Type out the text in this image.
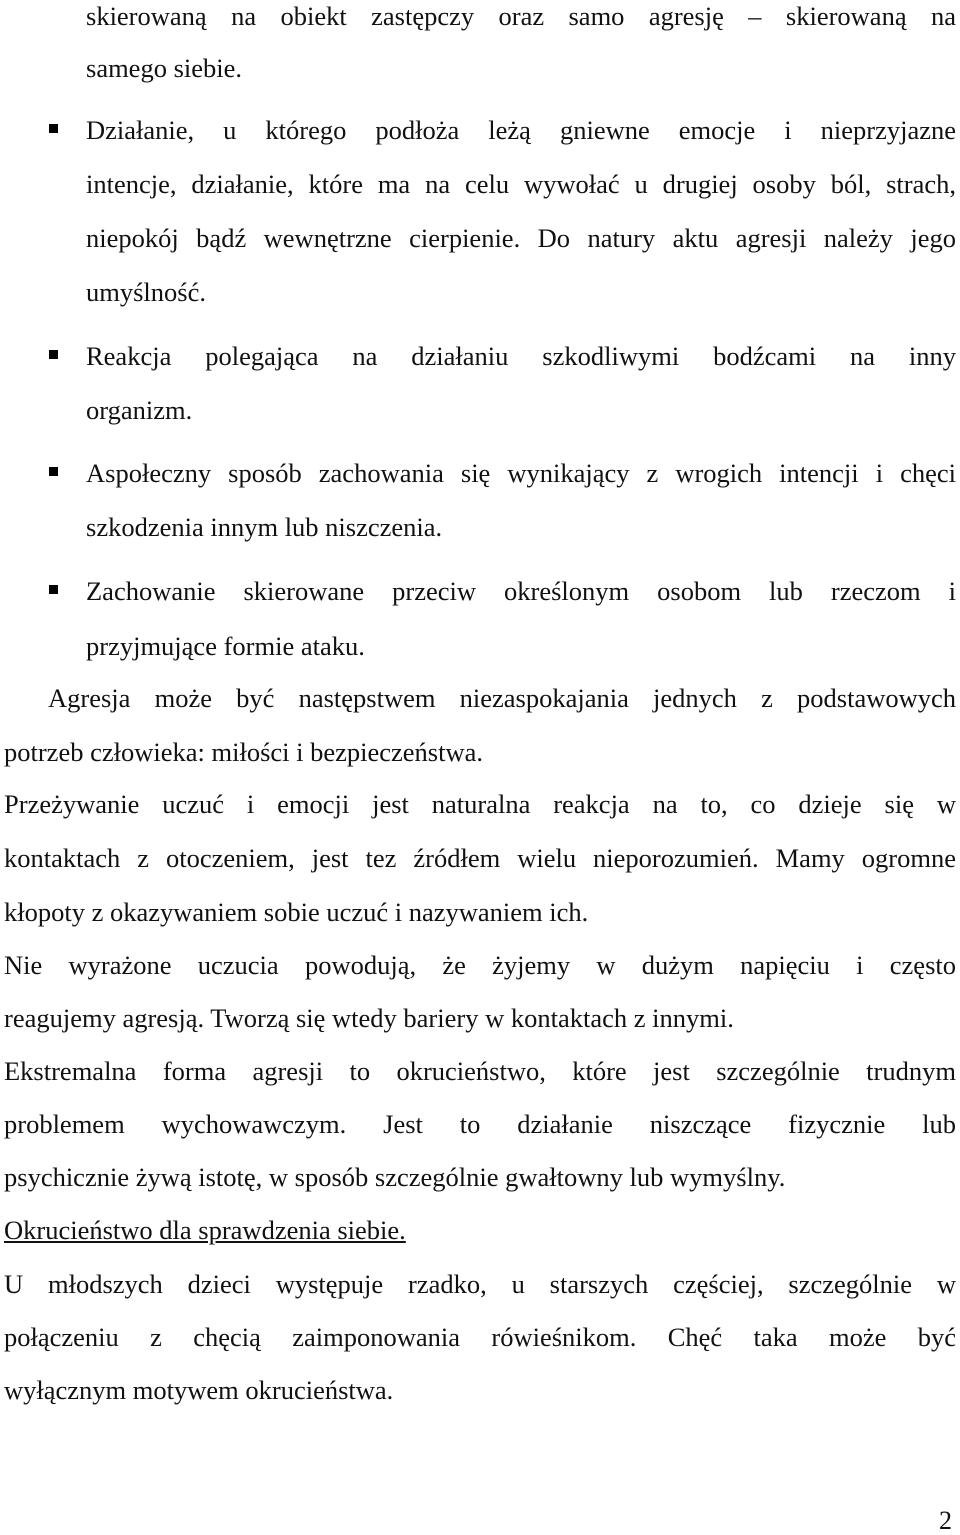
skierowaną na obiekt zastępczy oraz samo agresję – skierowaną na
samego siebie.
Działanie, u którego podłoża leżą gniewne emocje i nieprzyjazne
intencje, działanie, które ma na celu wywołać u drugiej osoby ból, strach,
niepokój bądź wewnętrzne cierpienie. Do natury aktu agresji należy jego
umyślność.
Reakcja polegająca na działaniu szkodliwymi bodźcami na inny
organizm.
Aspołeczny sposób zachowania się wynikający z wrogich intencji i chęci
szkodzenia innym lub niszczenia.
Zachowanie skierowane przeciw określonym osobom lub rzeczom i
przyjmujące formie ataku.
Agresja może być następstwem niezaspokajania jednych z podstawowych
potrzeb człowieka: miłości i bezpieczeństwa.
Przeżywanie uczuć i emocji jest naturalna reakcja na to, co dzieje się w
kontaktach z otoczeniem, jest tez źródłem wielu nieporozumień. Mamy ogromne
kłopoty z okazywaniem sobie uczuć i nazywaniem ich.
Nie wyrażone uczucia powodują, że żyjemy w dużym napięciu i często
reagujemy agresją. Tworzą się wtedy bariery w kontaktach z innymi.
Ekstremalna forma agresji to okrucieństwo, które jest szczególnie trudnym
problemem wychowawczym. Jest to działanie niszczące fizycznie lub
psychicznie żywą istotę, w sposób szczególnie gwałtowny lub wymyślny.
Okrucieństwo dla sprawdzenia siebie.
U młodszych dzieci występuje rzadko, u starszych częściej, szczególnie w
połączeniu z chęcią zaimponowania rówieśnikom. Chęć taka może być
wyłącznym motywem okrucieństwa.
2
